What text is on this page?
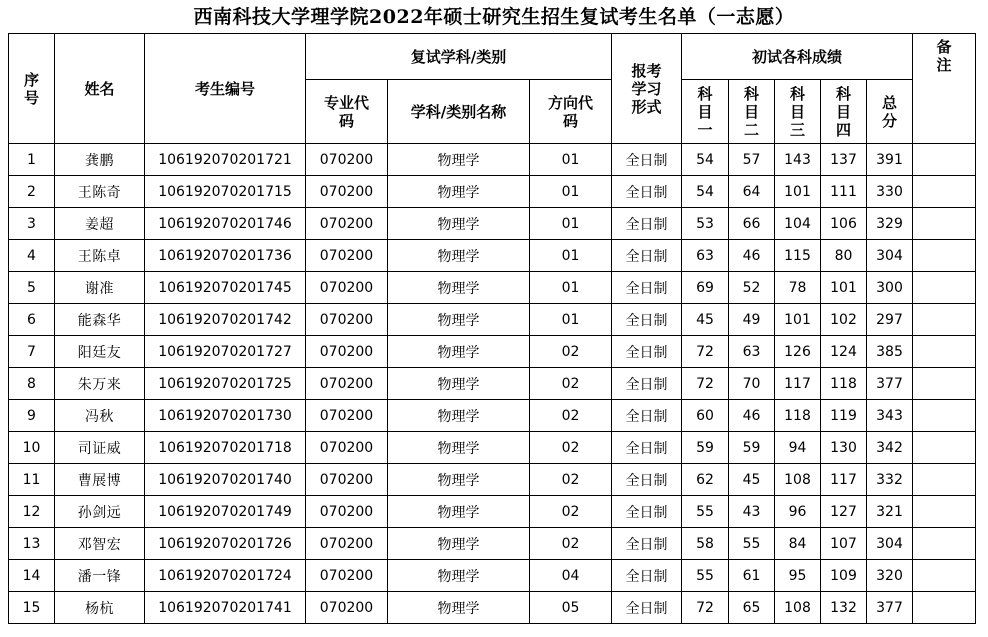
西南科技大学理学院2022年硕士研究生招生复试考生名单（一志愿）
序号	姓名	考生编号	复试学科/类别			报考学习形式	初试各科成绩					备注
			专业代码	学科/类别名称	方向代码		科目一	科目二	科目三	科目四	总分	
1	龚鹏	106192070201721	070200	物理学	01	全日制	54	57	143	137	391	
2	王陈奇	106192070201715	070200	物理学	01	全日制	54	64	101	111	330	
3	姜超	106192070201746	070200	物理学	01	全日制	53	66	104	106	329	
4	王陈卓	106192070201736	070200	物理学	01	全日制	63	46	115	80	304	
5	谢准	106192070201745	070200	物理学	01	全日制	69	52	78	101	300	
6	能森华	106192070201742	070200	物理学	01	全日制	45	49	101	102	297	
7	阳廷友	106192070201727	070200	物理学	02	全日制	72	63	126	124	385	
8	朱万来	106192070201725	070200	物理学	02	全日制	72	70	117	118	377	
9	冯秋	106192070201730	070200	物理学	02	全日制	60	46	118	119	343	
10	司证威	106192070201718	070200	物理学	02	全日制	59	59	94	130	342	
11	曹展博	106192070201740	070200	物理学	02	全日制	62	45	108	117	332	
12	孙剑远	106192070201749	070200	物理学	02	全日制	55	43	96	127	321	
13	邓智宏	106192070201726	070200	物理学	02	全日制	58	55	84	107	304	
14	潘一锋	106192070201724	070200	物理学	04	全日制	55	61	95	109	320	
15	杨杭	106192070201741	070200	物理学	05	全日制	72	65	108	132	377	
